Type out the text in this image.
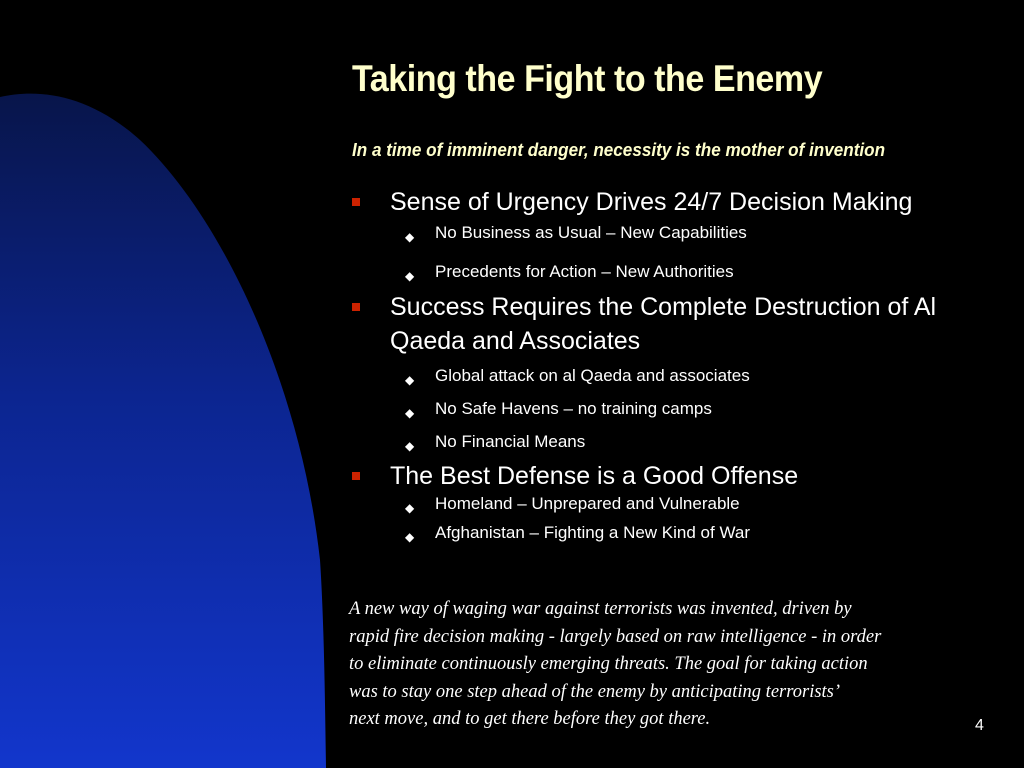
Taking the Fight to the Enemy
In a time of imminent danger, necessity is the mother of invention
Sense of Urgency Drives 24/7 Decision Making
◆ No Business as Usual – New Capabilities
◆ Precedents for Action – New Authorities
Success Requires the Complete Destruction of Al Qaeda and Associates
◆ Global attack on al Qaeda and associates
◆ No Safe Havens – no training camps
◆ No Financial Means
The Best Defense is a Good Offense
◆ Homeland – Unprepared and Vulnerable
◆ Afghanistan – Fighting a New Kind of War
A new way of waging war against terrorists was invented, driven by
rapid fire decision making - largely based on raw intelligence - in order
to eliminate continuously emerging threats. The goal for taking action
was to stay one step ahead of the enemy by anticipating terrorists’
next move, and to get there before they got there.	4
